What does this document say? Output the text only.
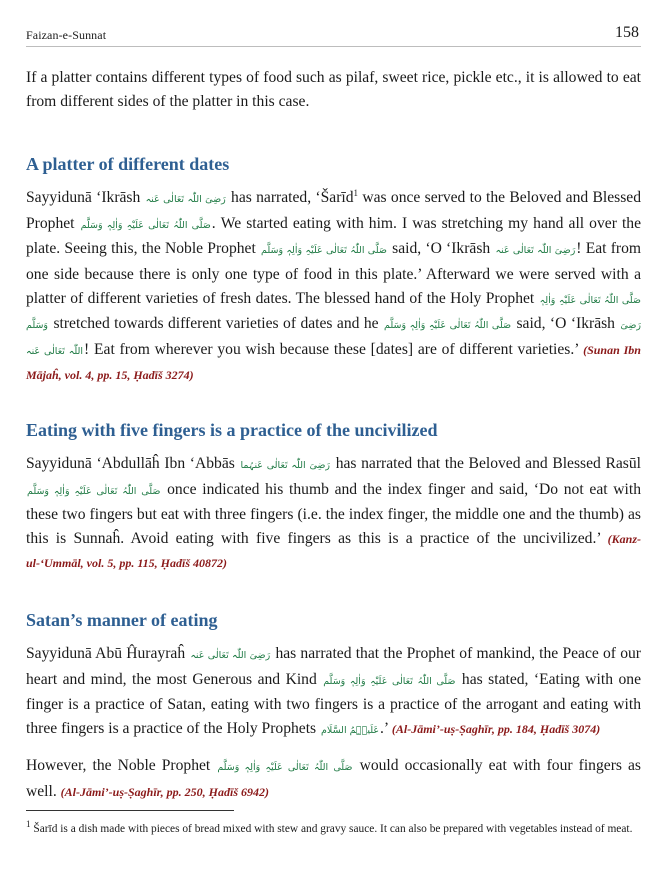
Faizan-e-Sunnat	158

If a platter contains different types of food such as pilaf, sweet rice, pickle etc., it is allowed to eat from different sides of the platter in this case.

A platter of different dates

Sayyidunā ‘Ikrāsh رَضِیَ اللّٰہ تَعَالٰی عَنہ has narrated, ‘Šarīd$^1$ was once served to the Beloved and Blessed Prophet صَلَّی اللّٰہُ تَعَالٰی عَلَیْہِ وَاٰلِہٖ وَسَلَّم. We started eating with him. I was stretching my hand all over the plate. Seeing this, the Noble Prophet صَلَّی اللّٰہُ تَعَالٰی عَلَیْہِ وَاٰلِہٖ وَسَلَّم said, ‘O ‘Ikrāsh رَضِیَ اللّٰہ تَعَالٰی عَنہ! Eat from one side because there is only one type of food in this plate.’ Afterward we were served with a platter of different varieties of fresh dates. The blessed hand of the Holy Prophet صَلَّی اللّٰہُ تَعَالٰی عَلَیْہِ وَاٰلِہٖ وَسَلَّم stretched towards different varieties of dates and he صَلَّی اللّٰہُ تَعَالٰی عَلَیْہِ وَاٰلِہٖ وَسَلَّم said, ‘O ‘Ikrāsh رَضِیَ اللّٰہ تَعَالٰی عَنہ! Eat from wherever you wish because these [dates] are of different varieties.’ (Sunan Ibn Mājaĥ, vol. 4, pp. 15, Ḥadīš 3274)

Eating with five fingers is a practice of the uncivilized

Sayyidunā ‘Abdullāĥ Ibn ‘Abbās رَضِیَ اللّٰہ تَعَالٰی عَنہُما has narrated that the Beloved and Blessed Rasūl صَلَّی اللّٰہُ تَعَالٰی عَلَیْہِ وَاٰلِہٖ وَسَلَّم once indicated his thumb and the index finger and said, ‘Do not eat with these two fingers but eat with three fingers (i.e. the index finger, the middle one and the thumb) as this is Sunnaĥ. Avoid eating with five fingers as this is a practice of the uncivilized.’ (Kanz-ul-‘Ummāl, vol. 5, pp. 115, Ḥadīš 40872)

Satan’s manner of eating

Sayyidunā Abū Ĥurayraĥ رَضِیَ اللّٰہ تَعَالٰی عَنہ has narrated that the Prophet of mankind, the Peace of our heart and mind, the most Generous and Kind صَلَّی اللّٰہُ تَعَالٰی عَلَیْہِ وَاٰلِہٖ وَسَلَّم has stated, ‘Eating with one finger is a practice of Satan, eating with two fingers is a practice of the arrogant and eating with three fingers is a practice of the Holy Prophets عَلَیۡہِمُ السَّلَام.’ (Al-Jāmi’-uṣ-Ṣaghīr, pp. 184, Ḥadīš 3074)

However, the Noble Prophet صَلَّی اللّٰہُ تَعَالٰی عَلَیْہِ وَاٰلِہٖ وَسَلَّم would occasionally eat with four fingers as well. (Al-Jāmi’-uṣ-Ṣaghīr, pp. 250, Ḥadīš 6942)

$^1$ Šarīd is a dish made with pieces of bread mixed with stew and gravy sauce. It can also be prepared with vegetables instead of meat.
